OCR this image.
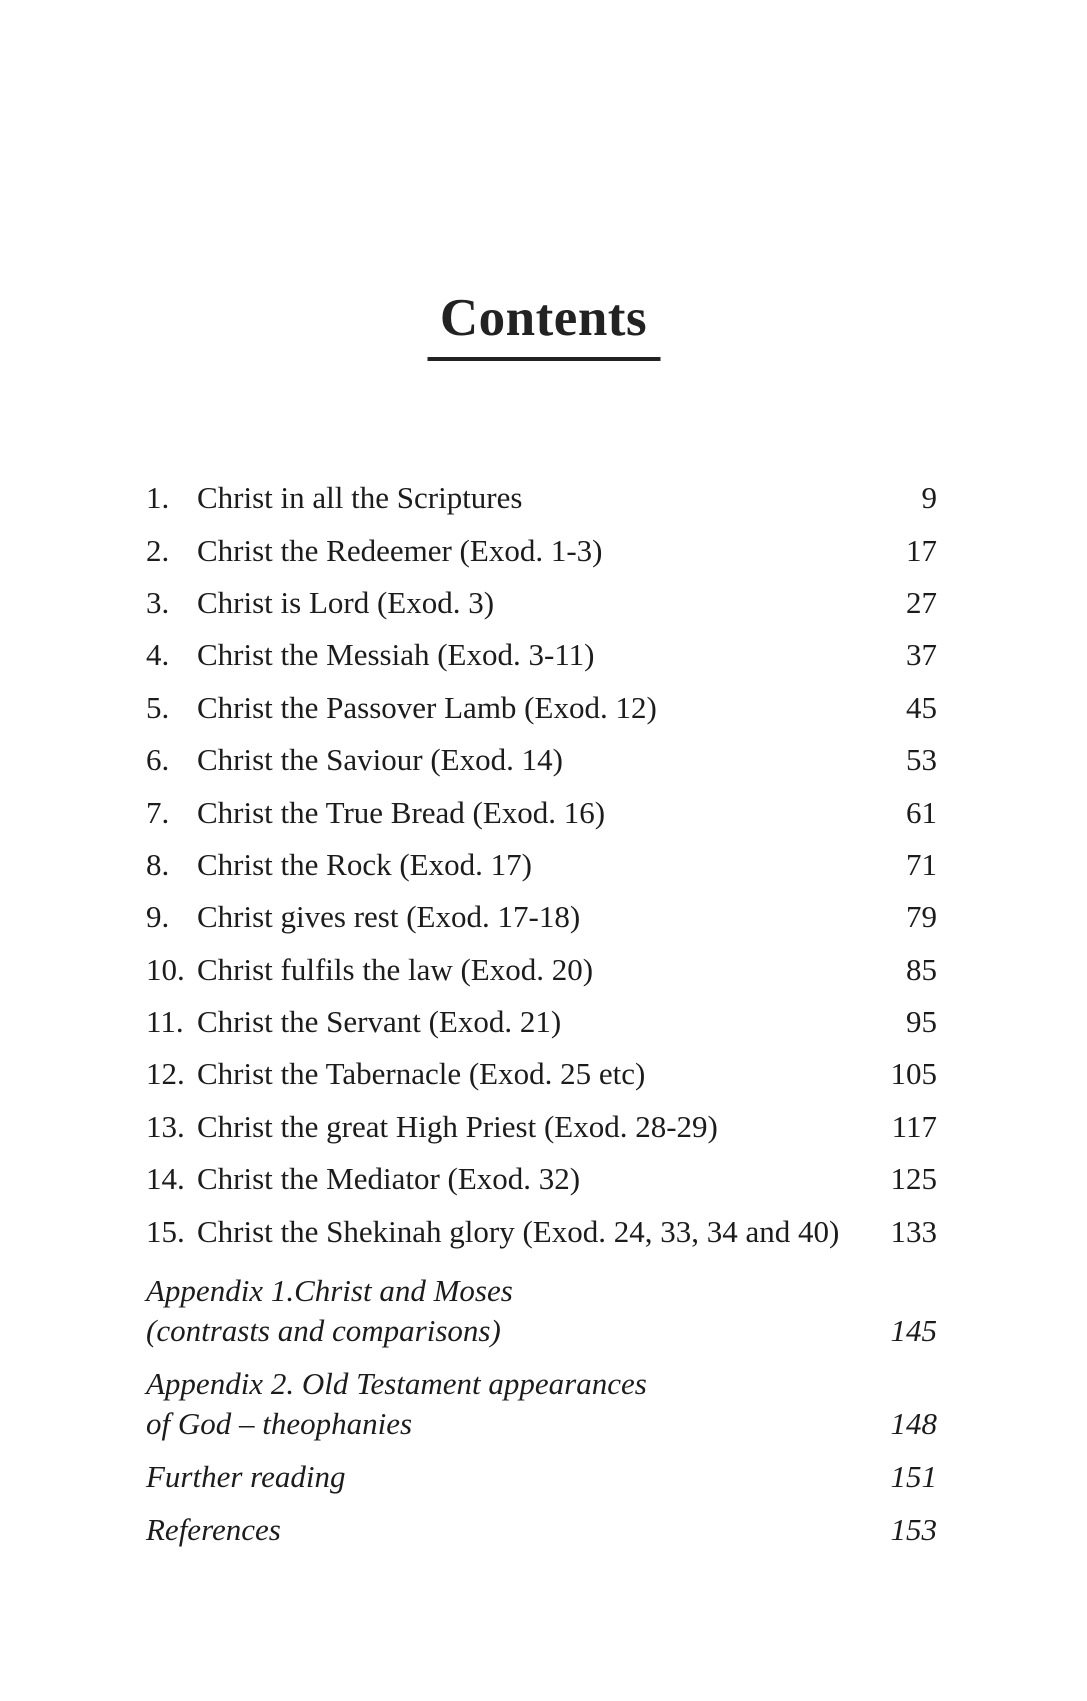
Contents
1. Christ in all the Scriptures	9
2. Christ the Redeemer (Exod. 1-3)	17
3. Christ is Lord (Exod. 3)	27
4. Christ the Messiah (Exod. 3-11)	37
5. Christ the Passover Lamb (Exod. 12)	45
6. Christ the Saviour (Exod. 14)	53
7. Christ the True Bread (Exod. 16)	61
8. Christ the Rock (Exod. 17)	71
9. Christ gives rest (Exod. 17-18)	79
10. Christ fulfils the law (Exod. 20)	85
11. Christ the Servant (Exod. 21)	95
12. Christ the Tabernacle (Exod. 25 etc)	105
13. Christ the great High Priest (Exod. 28-29)	117
14. Christ the Mediator (Exod. 32)	125
15. Christ the Shekinah glory (Exod. 24, 33, 34 and 40)	133
Appendix 1.Christ and Moses
(contrasts and comparisons)	145
Appendix 2. Old Testament appearances
of God – theophanies	148
Further reading	151
References	153
